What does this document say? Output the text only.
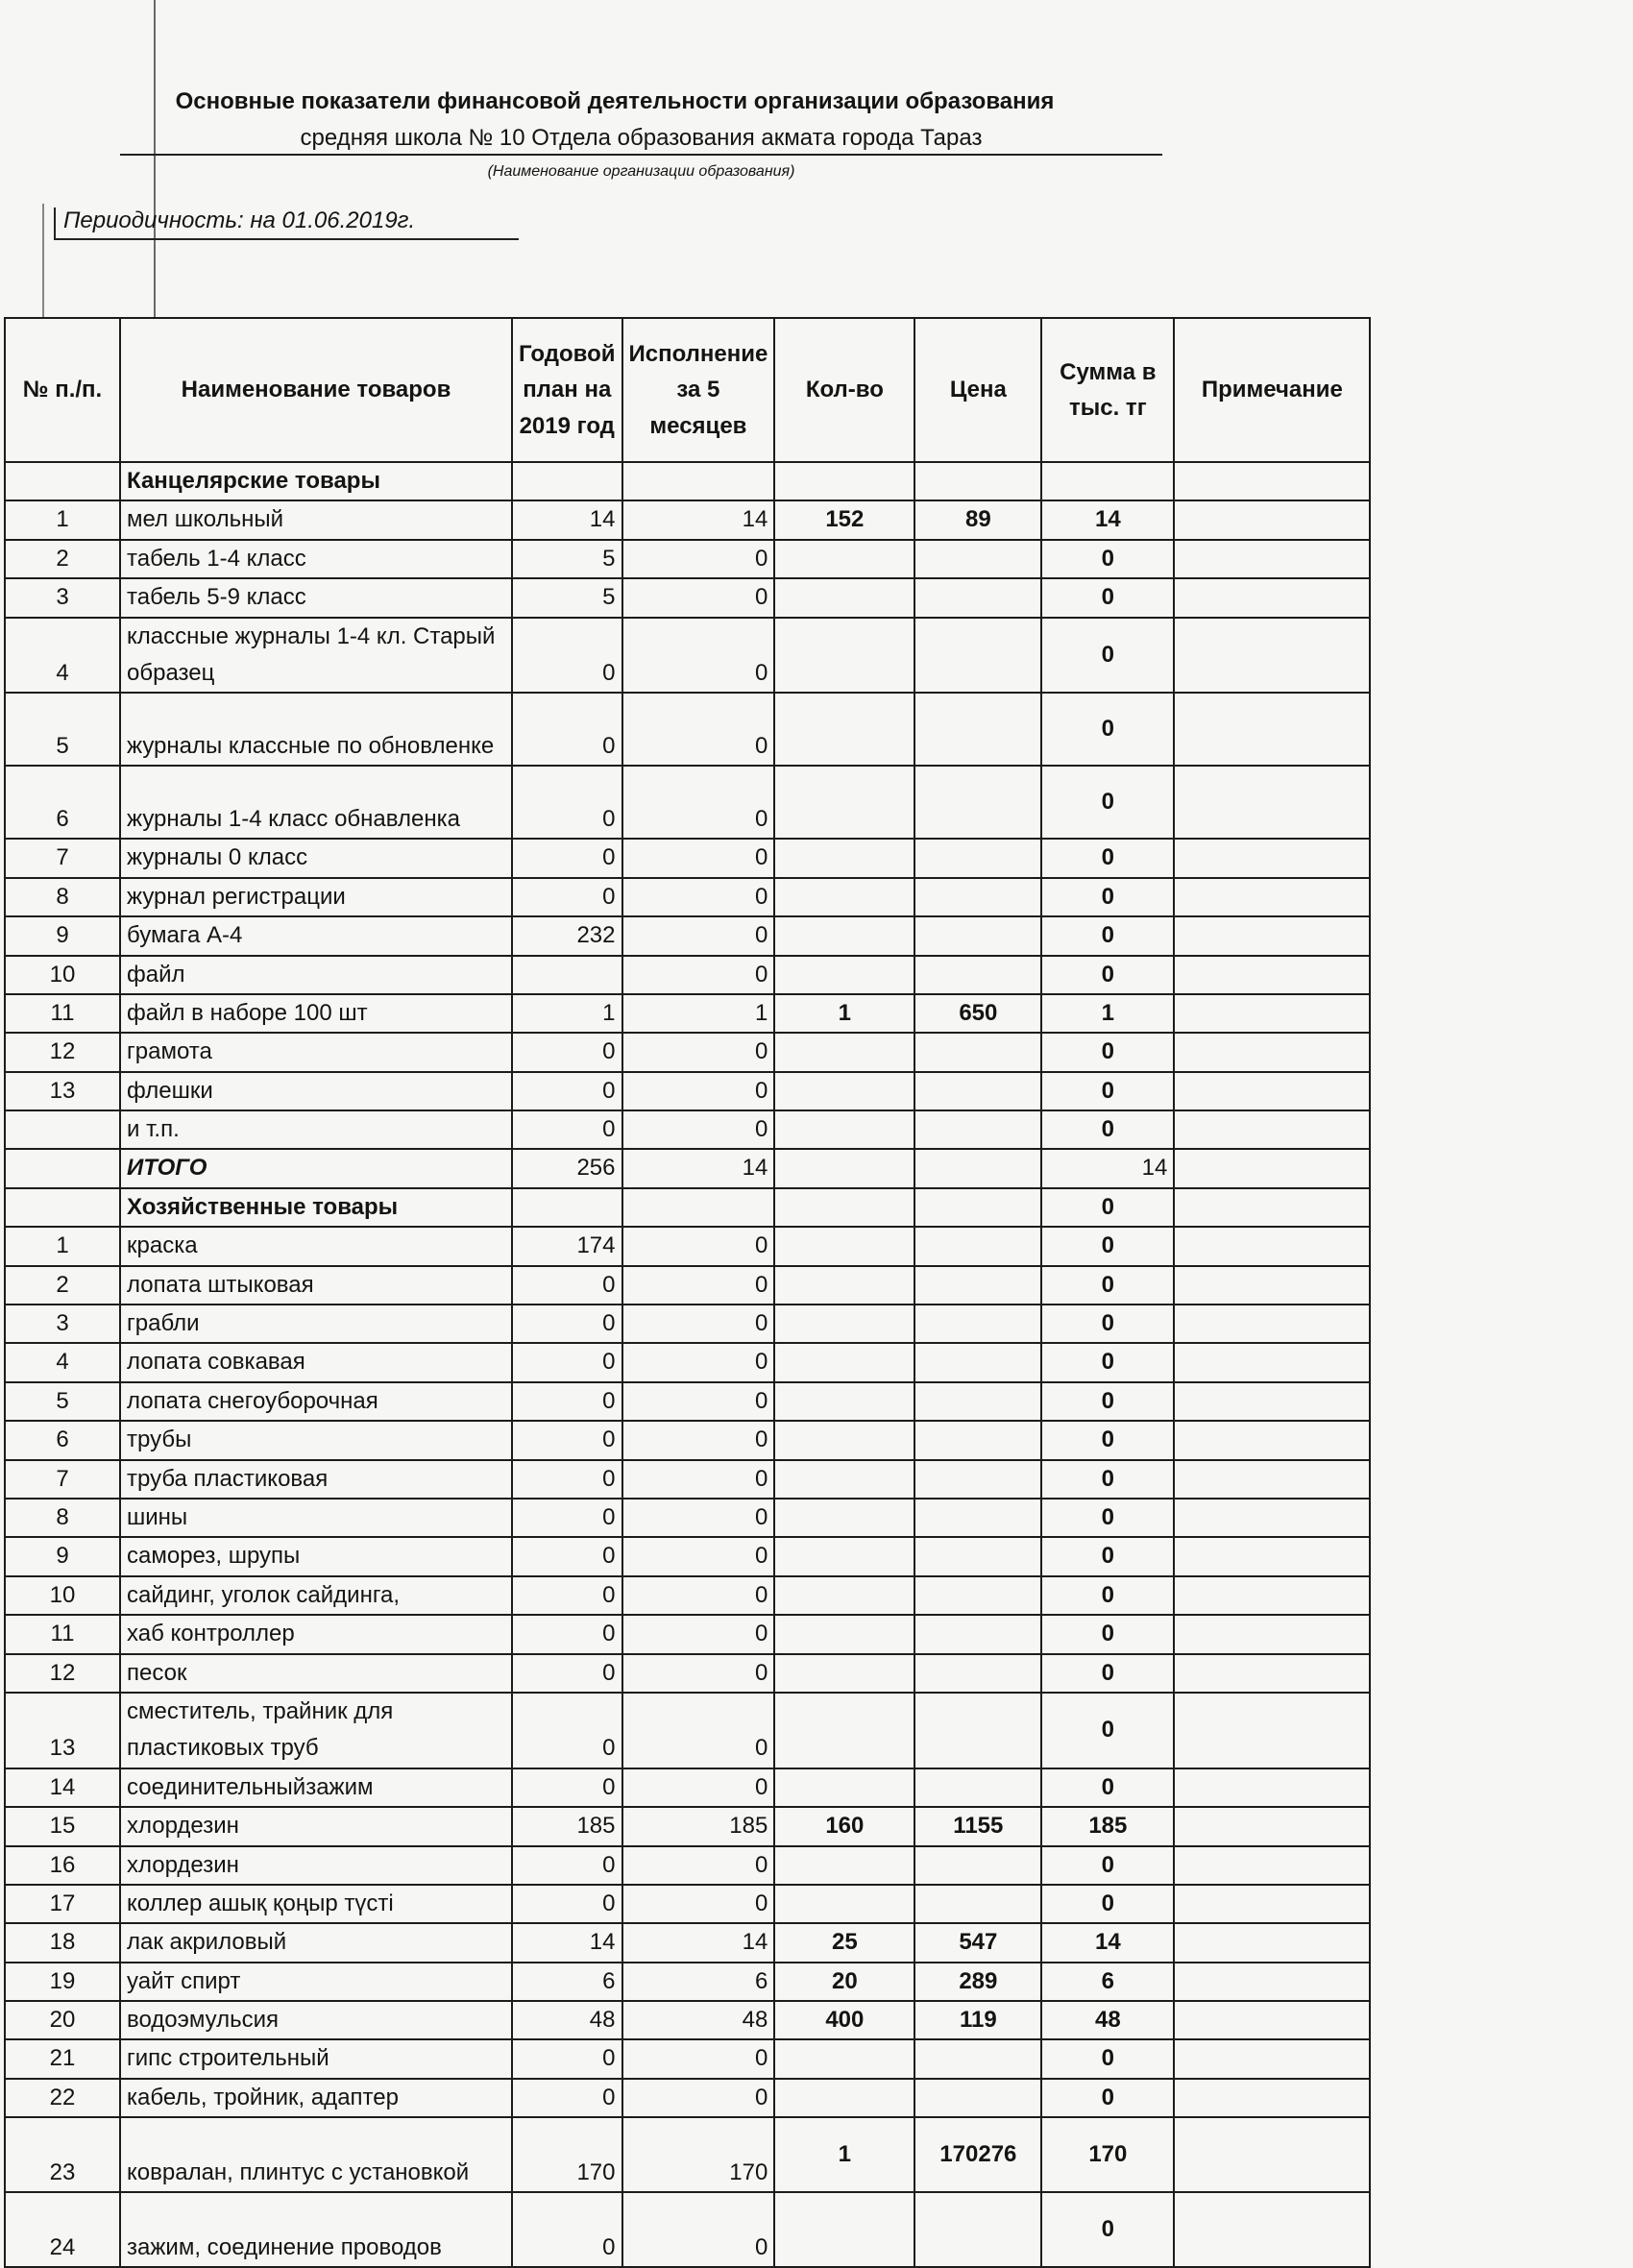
Основные показатели финансовой деятельности организации образования
средняя школа № 10 Отдела образования акмата города Тараз
(Наименование организации образования)
Периодичность: на 01.06.2019г.
№ п./п.	Наименование товаров	Годовой план на 2019 год	Исполнение за 5 месяцев	Кол-во	Цена	Сумма в тыс. тг	Примечание
	Канцелярские товары						
1	мел школьный	14	14	152	89	14	
2	табель 1-4 класс	5	0			0	
3	табель 5-9 класс	5	0			0	
4	классные журналы 1-4 кл. Старый образец	0	0			0	
5	журналы классные по обновленке	0	0			0	
6	журналы 1-4 класс обнавленка	0	0			0	
7	журналы 0 класс	0	0			0	
8	журнал регистрации	0	0			0	
9	бумага А-4	232	0			0	
10	файл		0			0	
11	файл в наборе 100 шт	1	1	1	650	1	
12	грамота	0	0			0	
13	флешки	0	0			0	
	и т.п.	0	0			0	
	ИТОГО	256	14			14	
	Хозяйственные товары					0	
1	краска	174	0			0	
2	лопата штыковая	0	0			0	
3	грабли	0	0			0	
4	лопата совкавая	0	0			0	
5	лопата снегоуборочная	0	0			0	
6	трубы	0	0			0	
7	труба пластиковая	0	0			0	
8	шины	0	0			0	
9	саморез, шрупы	0	0			0	
10	сайдинг, уголок сайдинга,	0	0			0	
11	хаб контроллер	0	0			0	
12	песок	0	0			0	
13	сместитель, трайник для пластиковых труб	0	0			0	
14	соединительныйзажим	0	0			0	
15	хлордезин	185	185	160	1155	185	
16	хлордезин	0	0			0	
17	коллер ашық қоңыр түсті	0	0			0	
18	лак акриловый	14	14	25	547	14	
19	уайт спирт	6	6	20	289	6	
20	водоэмульсия	48	48	400	119	48	
21	гипс строительный	0	0			0	
22	кабель, тройник, адаптер	0	0			0	
23	ковралан, плинтус с установкой	170	170	1	170276	170	
24	зажим, соединение проводов	0	0			0	
